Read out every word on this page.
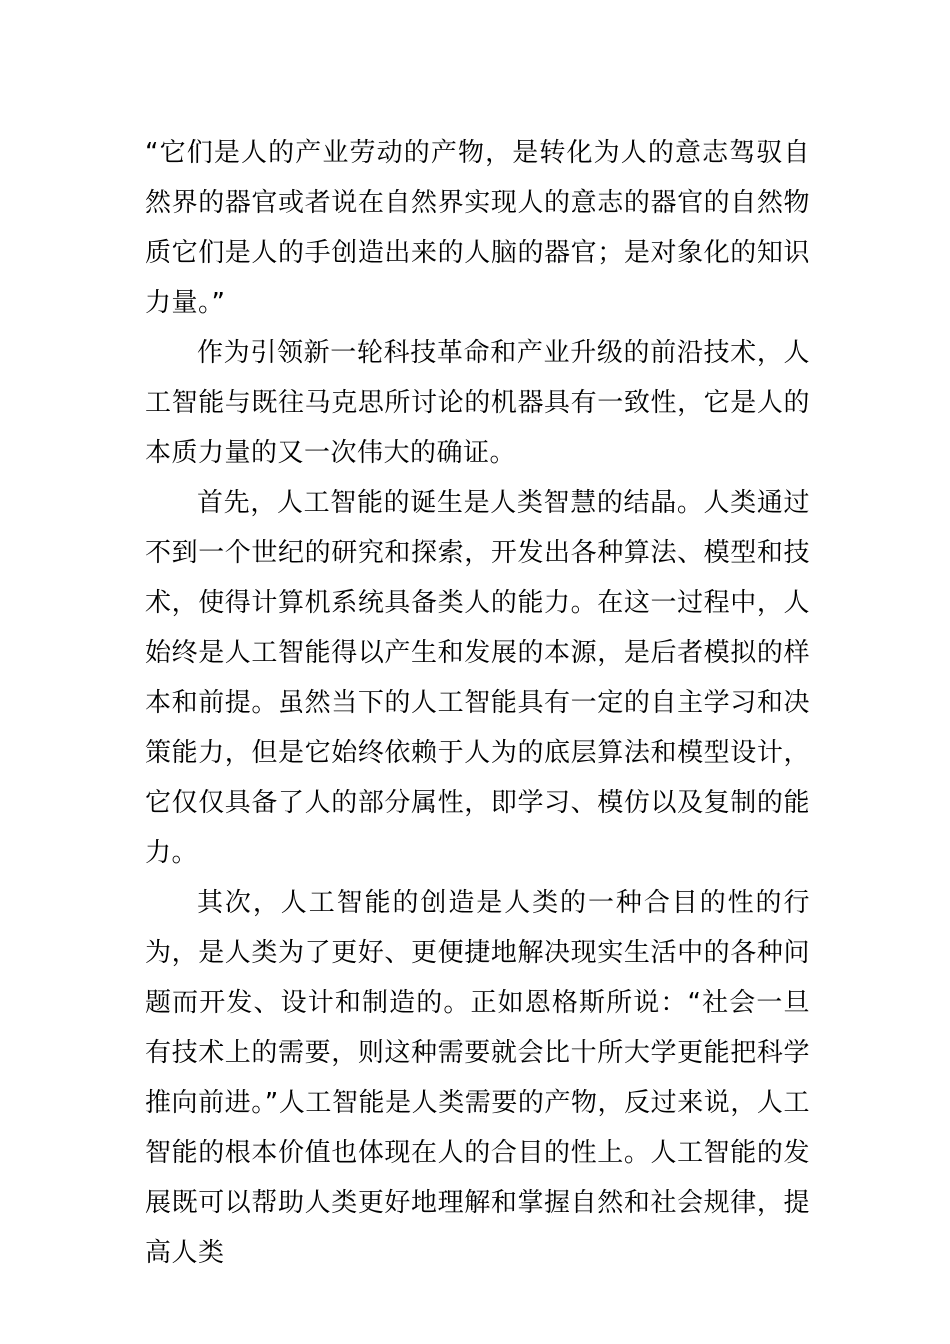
“它们是人的产业劳动的产物，是转化为人的意志驾驭自然界的器官或者说在自然界实现人的意志的器官的自然物质它们是人的手创造出来的人脑的器官；是对象化的知识力量。”

作为引领新一轮科技革命和产业升级的前沿技术，人工智能与既往马克思所讨论的机器具有一致性，它是人的本质力量的又一次伟大的确证。

首先，人工智能的诞生是人类智慧的结晶。人类通过不到一个世纪的研究和探索，开发出各种算法、模型和技术，使得计算机系统具备类人的能力。在这一过程中，人始终是人工智能得以产生和发展的本源，是后者模拟的样本和前提。虽然当下的人工智能具有一定的自主学习和决策能力，但是它始终依赖于人为的底层算法和模型设计，它仅仅具备了人的部分属性，即学习、模仿以及复制的能力。

其次，人工智能的创造是人类的一种合目的性的行为，是人类为了更好、更便捷地解决现实生活中的各种问题而开发、设计和制造的。正如恩格斯所说：“社会一旦有技术上的需要，则这种需要就会比十所大学更能把科学推向前进。”人工智能是人类需要的产物，反过来说，人工智能的根本价值也体现在人的合目的性上。人工智能的发展既可以帮助人类更好地理解和掌握自然和社会规律，提高人类
